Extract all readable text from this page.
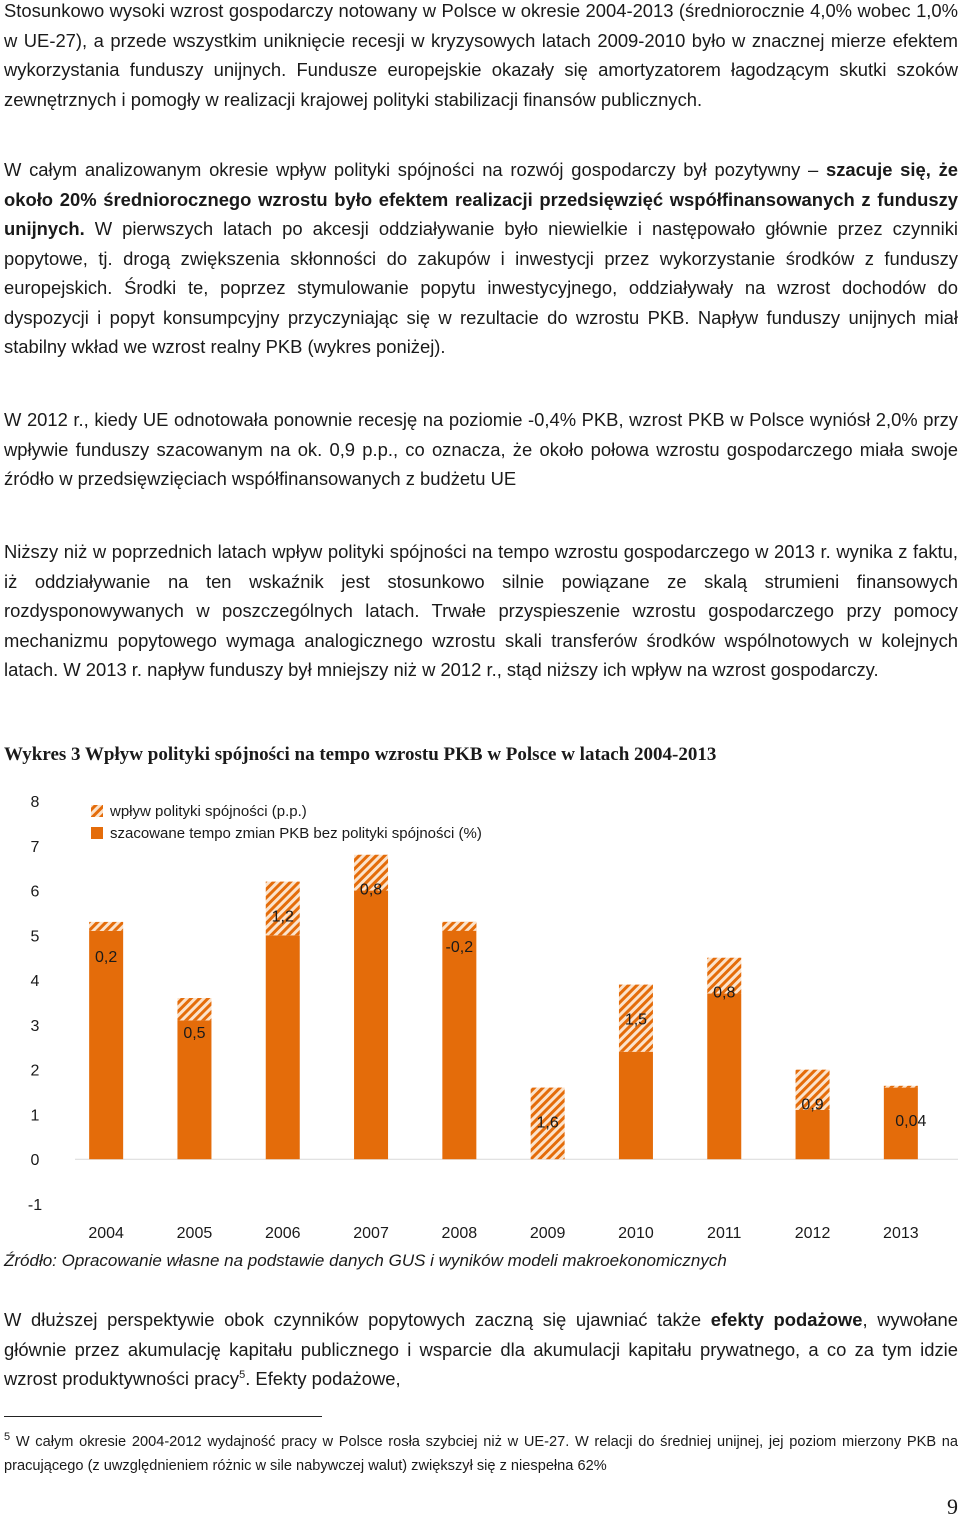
Stosunkowo wysoki wzrost gospodarczy notowany w Polsce w okresie 2004-2013 (średniorocznie 4,0% wobec 1,0% w UE-27), a przede wszystkim uniknięcie recesji w kryzysowych latach 2009-2010 było w znacznej mierze efektem wykorzystania funduszy unijnych. Fundusze europejskie okazały się amortyzatorem łagodzącym skutki szoków zewnętrznych i pomogły w realizacji krajowej polityki stabilizacji finansów publicznych.

W całym analizowanym okresie wpływ polityki spójności na rozwój gospodarczy był pozytywny – szacuje się, że około 20% średniorocznego wzrostu było efektem realizacji przedsięwzięć współfinansowanych z funduszy unijnych. W pierwszych latach po akcesji oddziaływanie było niewielkie i następowało głównie przez czynniki popytowe, tj. drogą zwiększenia skłonności do zakupów i inwestycji przez wykorzystanie środków z funduszy europejskich. Środki te, poprzez stymulowanie popytu inwestycyjnego, oddziaływały na wzrost dochodów do dyspozycji i popyt konsumpcyjny przyczyniając się w rezultacie do wzrostu PKB. Napływ funduszy unijnych miał stabilny wkład we wzrost realny PKB (wykres poniżej).

W 2012 r., kiedy UE odnotowała ponownie recesję na poziomie -0,4% PKB, wzrost PKB w Polsce wyniósł 2,0% przy wpływie funduszy szacowanym na ok. 0,9 p.p., co oznacza, że około połowa wzrostu gospodarczego miała swoje źródło w przedsięwzięciach współfinansowanych z budżetu UE

Niższy niż w poprzednich latach wpływ polityki spójności na tempo wzrostu gospodarczego w 2013 r. wynika z faktu, iż oddziaływanie na ten wskaźnik jest stosunkowo silnie powiązane ze skalą strumieni finansowych rozdysponowywanych w poszczególnych latach. Trwałe przyspieszenie wzrostu gospodarczego przy pomocy mechanizmu popytowego wymaga analogicznego wzrostu skali transferów środków wspólnotowych w kolejnych latach. W 2013 r. napływ funduszy był mniejszy niż w 2012 r., stąd niższy ich wpływ na wzrost gospodarczy.

Wykres 3 Wpływ polityki spójności na tempo wzrostu PKB w Polsce w latach 2004-2013

-1
0
1
2
3
4
5
6
7
8
2004	2005	2006	2007	2008	2009	2010	2011	2012	2013
0,2
0,5
1,2
0,8
-0,2
1,6
1,5
0,8
0,9
0,04
wpływ polityki spójności (p.p.)
szacowane tempo zmian PKB bez polityki spójności (%)

Źródło: Opracowanie własne na podstawie danych GUS i wyników modeli makroekonomicznych

W dłuższej perspektywie obok czynników popytowych zaczną się ujawniać także efekty podażowe, wywołane głównie przez akumulację kapitału publicznego i wsparcie dla akumulacji kapitału prywatnego, a co za tym idzie wzrost produktywności pracy$^5$. Efekty podażowe,

$^5$ W całym okresie 2004-2012 wydajność pracy w Polsce rosła szybciej niż w UE-27. W relacji do średniej unijnej, jej poziom mierzony PKB na pracującego (z uwzględnieniem różnic w sile nabywczej walut) zwiększył się z niespełna 62%

9
